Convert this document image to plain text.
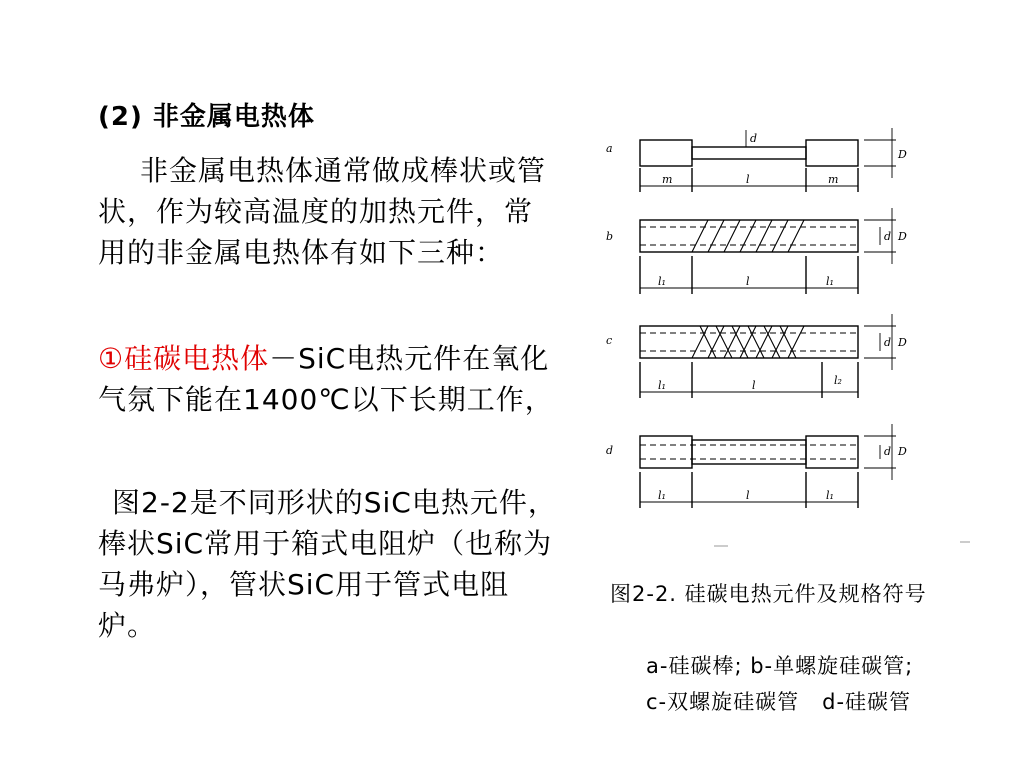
(2) 非金属电热体
非金属电热体通常做成棒状或管状，作为较高温度的加热元件，常用的非金属电热体有如下三种：
①硅碳电热体－SiC电热元件在氧化气氛下能在1400℃以下长期工作，
图2-2是不同形状的SiC电热元件，棒状SiC常用于箱式电阻炉（也称为马弗炉），管状SiC用于管式电阻炉。
a
b
c
d
d
D
m	l	m
d D
l₁	l	l₁
d D
l₁	l	l₂
d D
l₁	l	l₁
图2-2. 硅碳电热元件及规格符号
a-硅碳棒; b-单螺旋硅碳管;
c-双螺旋硅碳管   d-硅碳管
